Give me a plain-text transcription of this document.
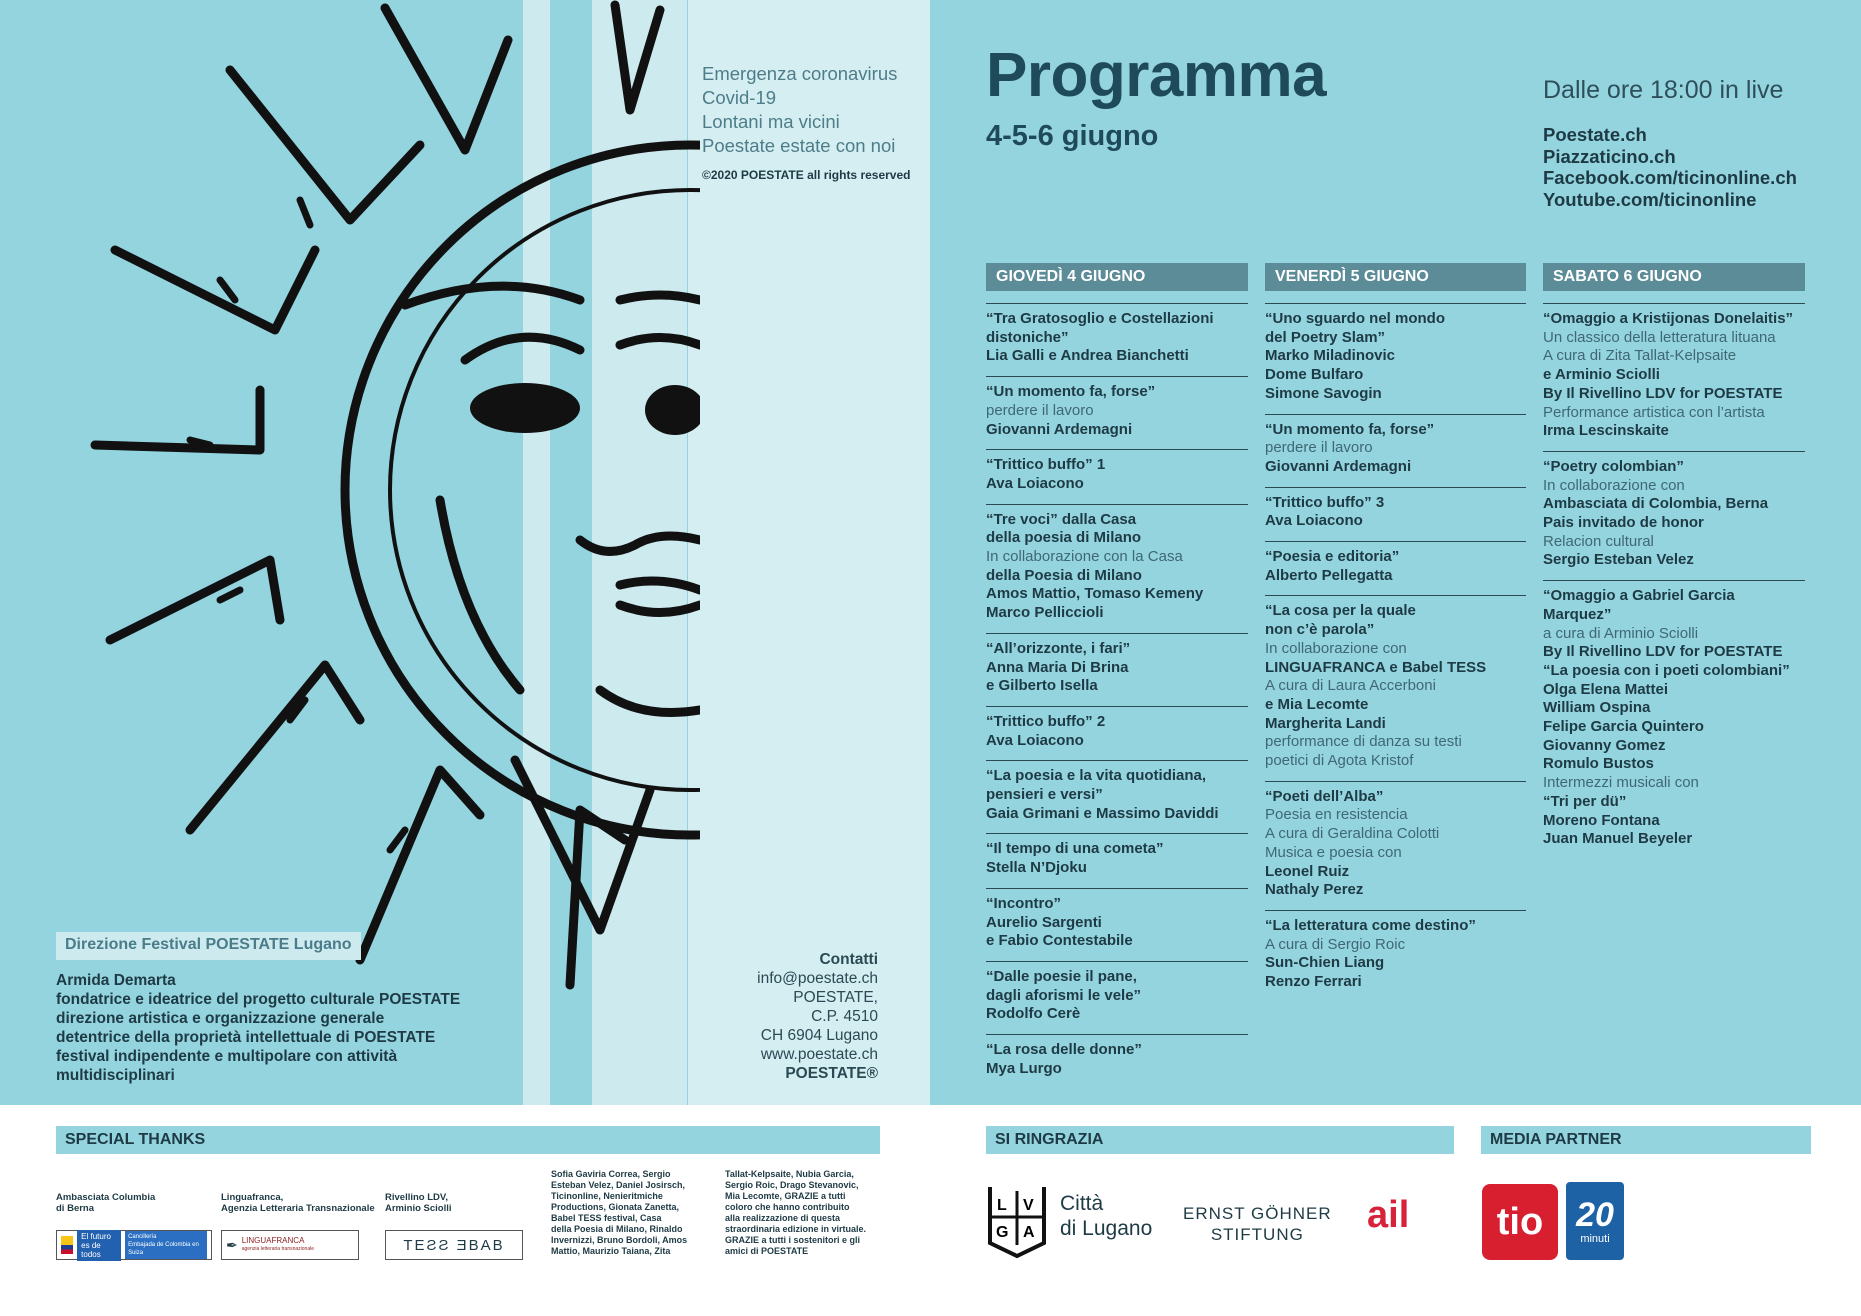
Emergenza coronavirus
Covid-19
Lontani ma vicini
Poestate estate con noi
©2020 POESTATE all rights reserved
Contatti
info@poestate.ch
POESTATE,
C.P. 4510
CH 6904 Lugano
www.poestate.ch
POESTATE®
Direzione Festival POESTATE Lugano
Armida Demarta
fondatrice e ideatrice del progetto culturale POESTATE
direzione artistica e organizzazione generale
detentrice della proprietà intellettuale di POESTATE
festival indipendente e multipolare con attività
multidisciplinari
Programma
4-5-6 giugno
Dalle ore 18:00 in live
Poestate.ch
Piazzaticino.ch
Facebook.com/ticinonline.ch
Youtube.com/ticinonline
GIOVEDÌ 4 GIUGNO
“Tra Gratosoglio e Costellazioni
distoniche”
Lia Galli e Andrea Bianchetti
“Un momento fa, forse”
perdere il lavoro
Giovanni Ardemagni
“Trittico buffo” 1
Ava Loiacono
“Tre voci” dalla Casa
della poesia di Milano
In collaborazione con la Casa
della Poesia di Milano
Amos Mattio, Tomaso Kemeny
Marco Pelliccioli
“All’orizzonte, i fari”
Anna Maria Di Brina
e Gilberto Isella
“Trittico buffo” 2
Ava Loiacono
“La poesia e la vita quotidiana,
pensieri e versi”
Gaia Grimani e Massimo Daviddi
“Il tempo di una cometa”
Stella N’Djoku
“Incontro”
Aurelio Sargenti
e Fabio Contestabile
“Dalle poesie il pane,
dagli aforismi le vele”
Rodolfo Cerè
“La rosa delle donne”
Mya Lurgo
VENERDÌ 5 GIUGNO
“Uno sguardo nel mondo
del Poetry Slam”
Marko Miladinovic
Dome Bulfaro
Simone Savogin
“Un momento fa, forse”
perdere il lavoro
Giovanni Ardemagni
“Trittico buffo” 3
Ava Loiacono
“Poesia e editoria”
Alberto Pellegatta
“La cosa per la quale
non c’è parola”
In collaborazione con
LINGUAFRANCA e Babel TESS
A cura di Laura Accerboni
e Mia Lecomte
Margherita Landi
performance di danza su testi
poetici di Agota Kristof
“Poeti dell’Alba”
Poesia en resistencia
A cura di Geraldina Colotti
Musica e poesia con
Leonel Ruiz
Nathaly Perez
“La letteratura come destino”
A cura di Sergio Roic
Sun-Chien Liang
Renzo Ferrari
SABATO 6 GIUGNO
“Omaggio a Kristijonas Donelaitis”
Un classico della letteratura lituana
A cura di Zita Tallat-Kelpsaite
e Arminio Sciolli
By Il Rivellino LDV for POESTATE
Performance artistica con l’artista
Irma Lescinskaite
“Poetry colombian”
In collaborazione con
Ambasciata di Colombia, Berna
Pais invitado de honor
Relacion cultural
Sergio Esteban Velez
“Omaggio a Gabriel Garcia
Marquez”
a cura di Arminio Sciolli
By Il Rivellino LDV for POESTATE
“La poesia con i poeti colombiani”
Olga Elena Mattei
William Ospina
Felipe Garcia Quintero
Giovanny Gomez
Romulo Bustos
Intermezzi musicali con
“Tri per dü”
Moreno Fontana
Juan Manuel Beyeler
SPECIAL THANKS	SI RINGRAZIA	MEDIA PARTNER
Ambasciata Columbia
di Berna
El futuro
es de todos
Cancillería
Embajada de Colombia en Suiza
Linguafranca,
Agenzia Letteraria Transnazionale
✒ LINGUAFRANCA
agenzia letteraria transnazionale
Rivellino LDV,
Arminio Sciolli
TEƧƧ ƎBAB
Sofia Gaviria Correa, Sergio
Esteban Velez, Daniel Josirsch,
Ticinonline, Nenieritmiche
Productions, Gionata Zanetta,
Babel TESS festival, Casa
della Poesia di Milano, Rinaldo
Invernizzi, Bruno Bordoli, Amos
Mattio, Maurizio Taiana, Zita
Tallat-Kelpsaite, Nubia Garcia,
Sergio Roic, Drago Stevanovic,
Mia Lecomte, GRAZIE a tutti
coloro che hanno contribuito
alla realizzazione di questa
straordinaria edizione in virtuale.
GRAZIE a tutti i sostenitori e gli
amici di POESTATE
L V
G A
Città
di Lugano
ERNST GÖHNER
STIFTUNG	ail	tio 20
minuti
